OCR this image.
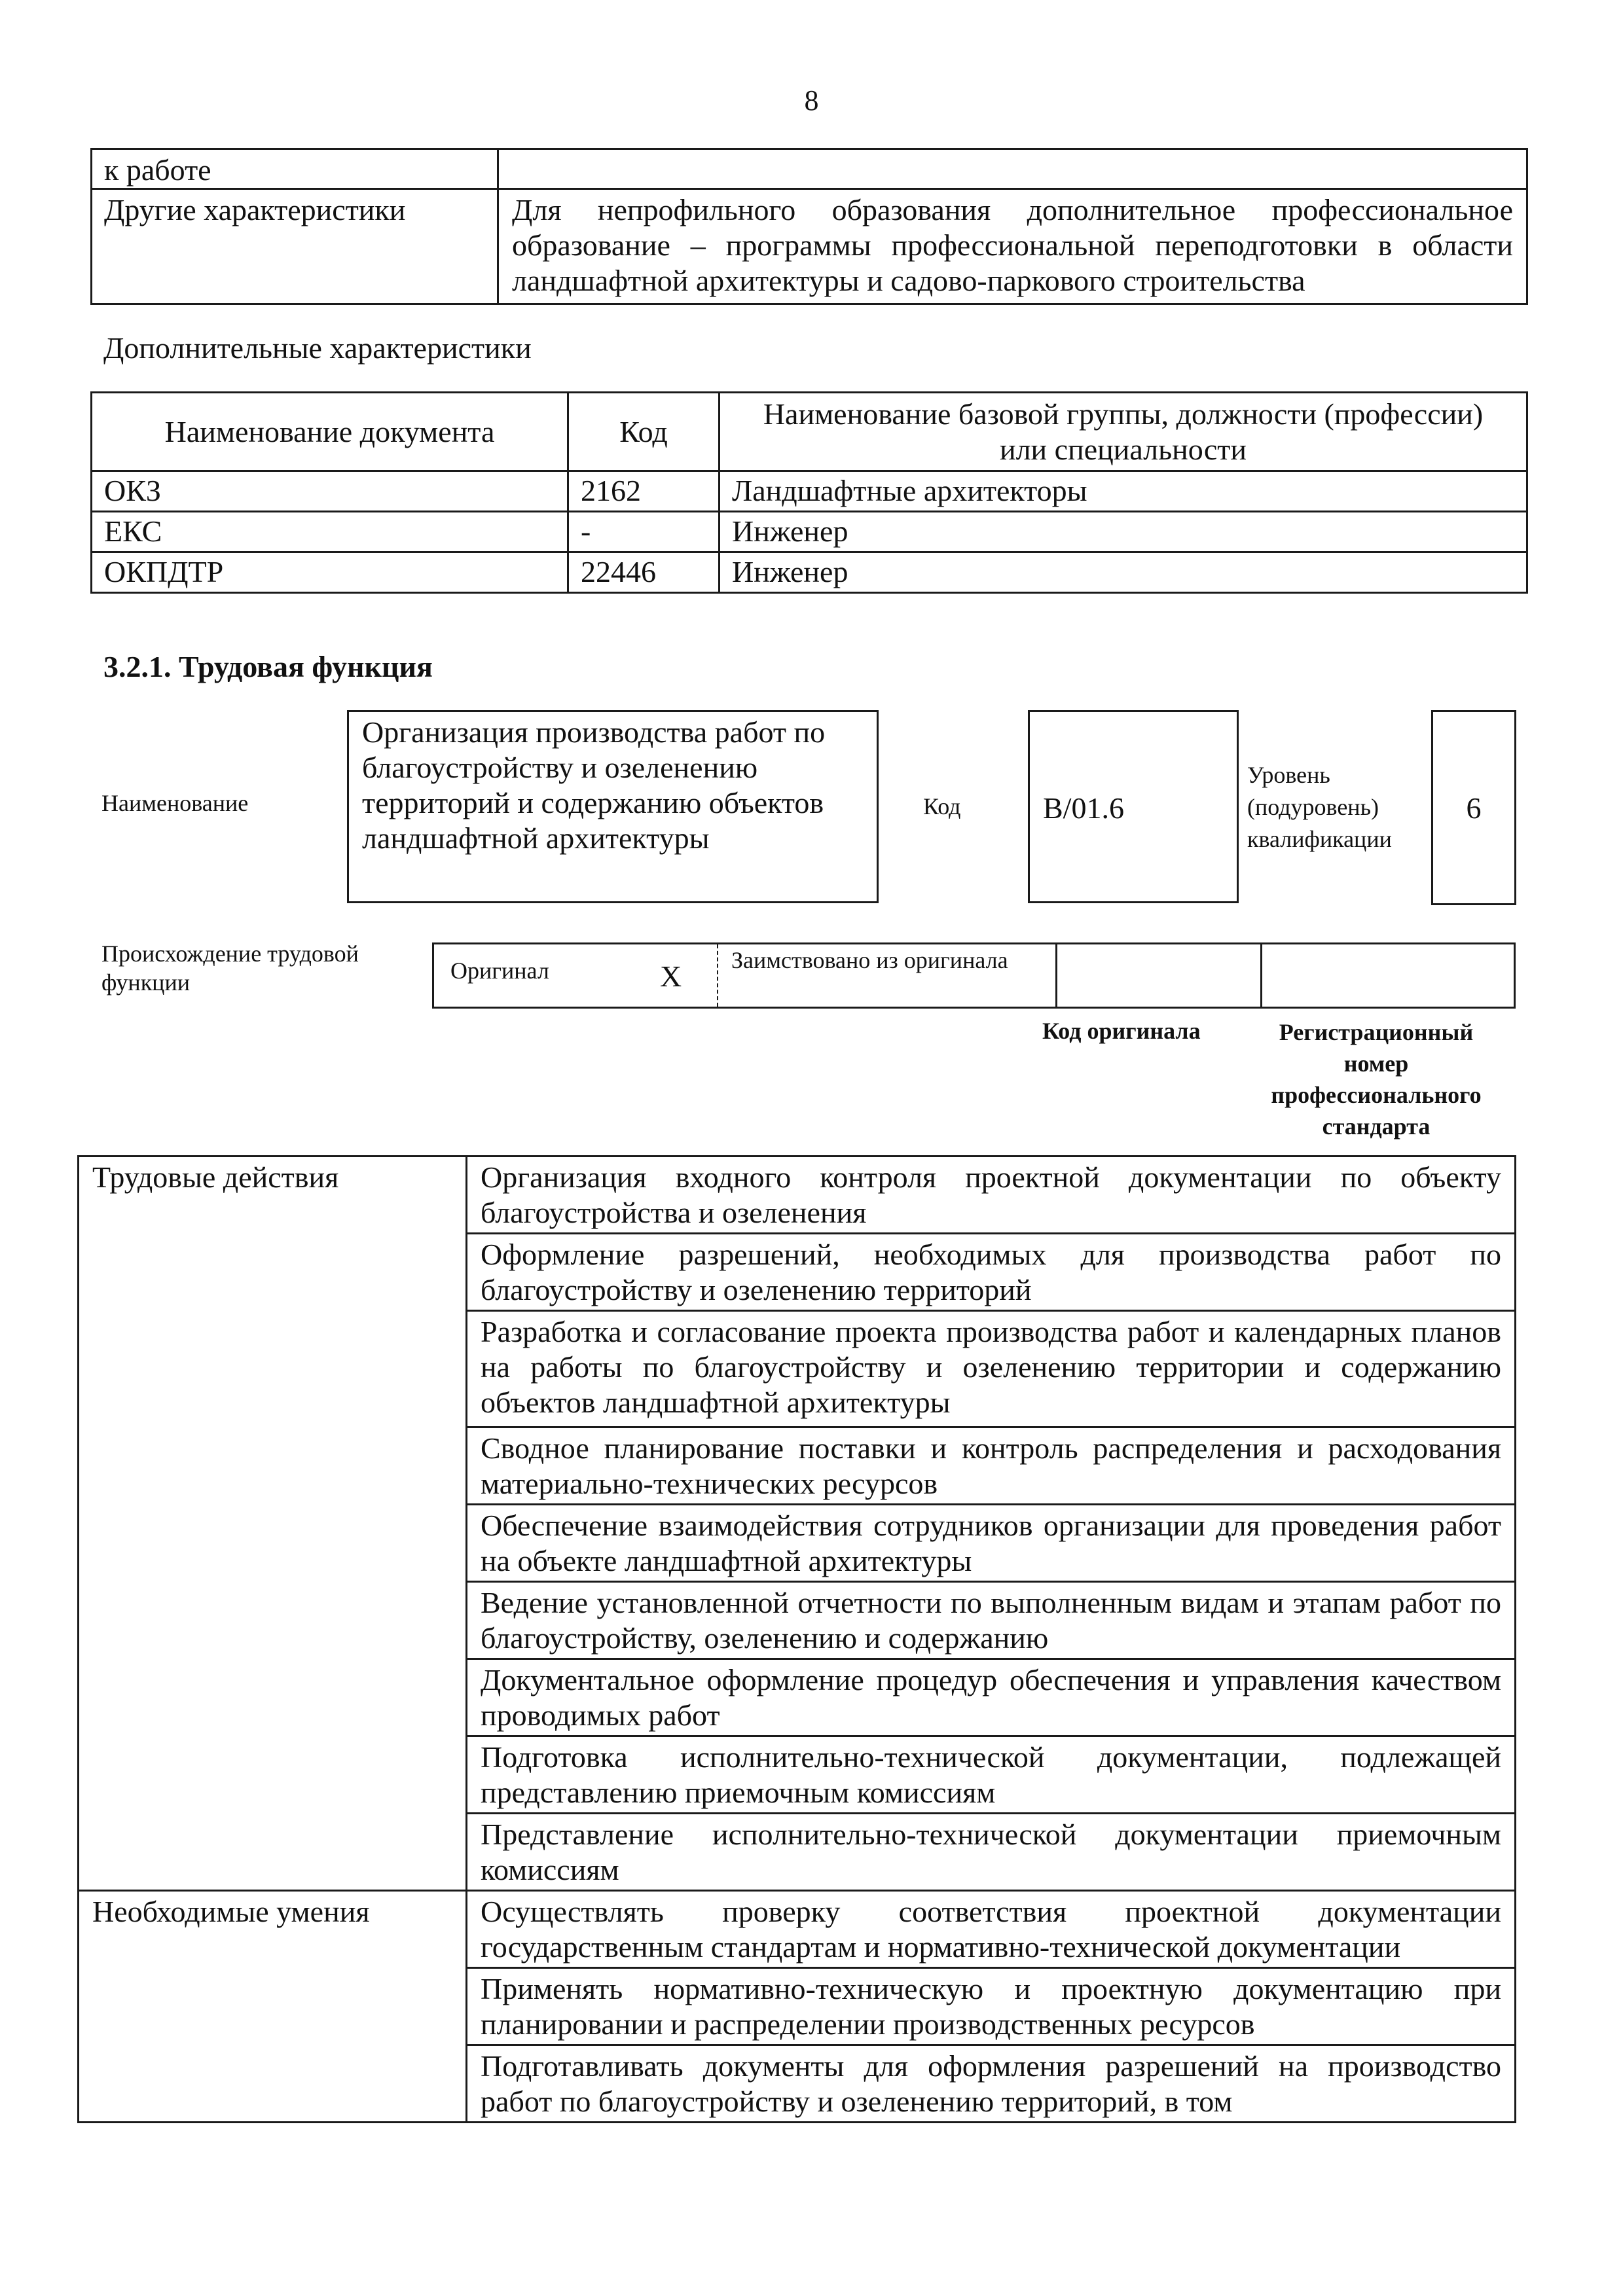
8
к работе	
Другие характеристики	Для непрофильного образования дополнительное профессиональное образование – программы профессиональной переподготовки в области ландшафтной архитектуры и садово-паркового строительства
Дополнительные характеристики
Наименование документа	Код	Наименование базовой группы, должности (профессии) или специальности
ОКЗ	2162	Ландшафтные архитекторы
ЕКС	-	Инженер
ОКПДТР	22446	Инженер
3.2.1. Трудовая функция
Наименование
Организация производства работ по благоустройству и озеленению территорий и содержанию объектов ландшафтной архитектуры
Код	B/01.6
Уровень (подуровень) квалификации
6
Происхождение трудовой функции	Оригинал	X	Заимствовано из оригинала		
Код оригинала	Регистрационный номер профессионального стандарта
Трудовые действия	Организация входного контроля проектной документации по объекту благоустройства и озеленения
	Оформление разрешений, необходимых для производства работ по благоустройству и озеленению территорий
	Разработка и согласование проекта производства работ и календарных планов на работы по благоустройству и озеленению территории и содержанию объектов ландшафтной архитектуры
	Сводное планирование поставки и контроль распределения и расходования материально-технических ресурсов
	Обеспечение взаимодействия сотрудников организации для проведения работ на объекте ландшафтной архитектуры
	Ведение установленной отчетности по выполненным видам и этапам работ по благоустройству, озеленению и содержанию
	Документальное оформление процедур обеспечения и управления качеством проводимых работ
	Подготовка исполнительно-технической документации, подлежащей представлению приемочным комиссиям
	Представление исполнительно-технической документации приемочным комиссиям
Необходимые умения	Осуществлять проверку соответствия проектной документации государственным стандартам и нормативно-технической документации
	Применять нормативно-техническую и проектную документацию при планировании и распределении производственных ресурсов
	Подготавливать документы для оформления разрешений на производство работ по благоустройству и озеленению территорий, в том
